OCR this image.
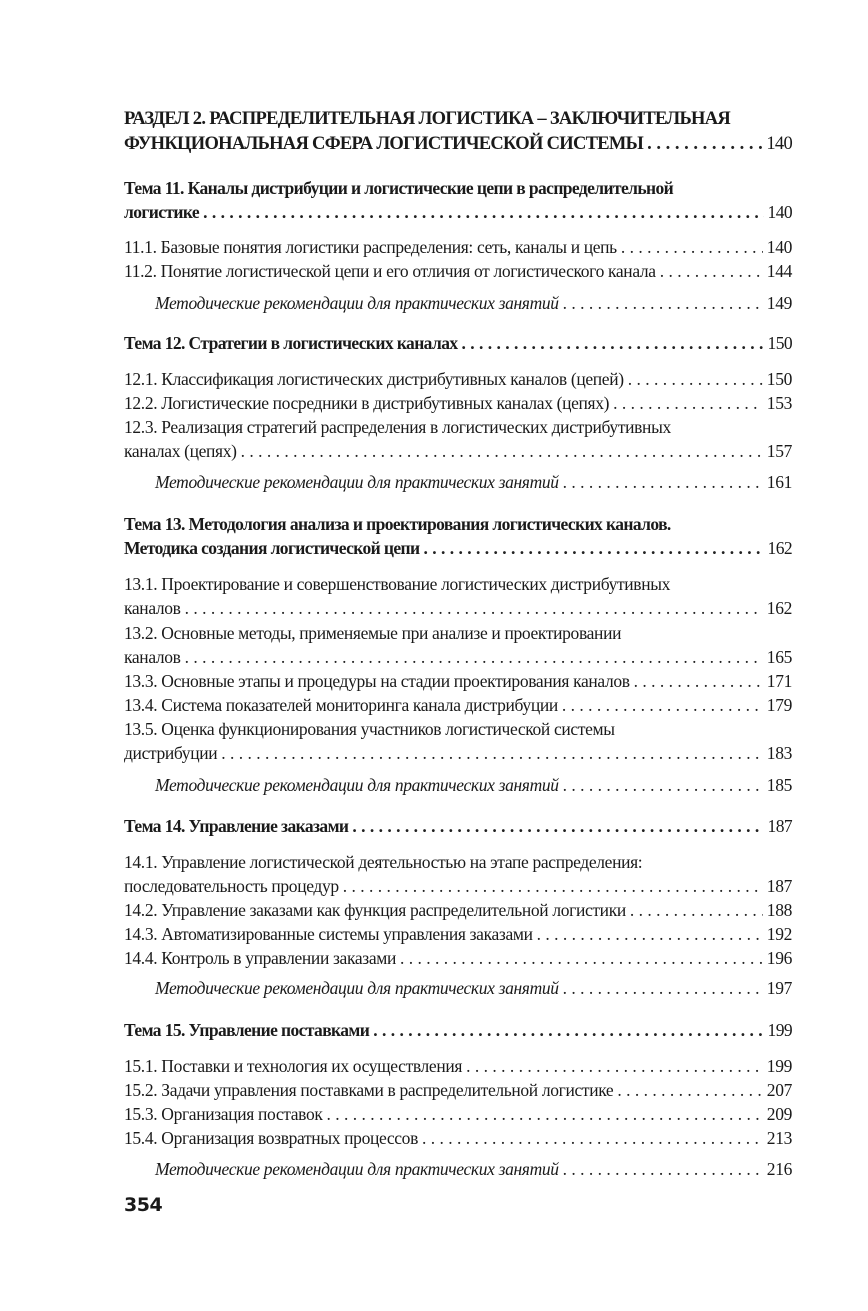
РАЗДЕЛ 2. РАСПРЕДЕЛИТЕЛЬНАЯ ЛОГИСТИКА – ЗАКЛЮЧИТЕЛЬНАЯ
ФУНКЦИОНАЛЬНАЯ СФЕРА ЛОГИСТИЧЕСКОЙ СИСТЕМЫ . . .	140
Тема 11. Каналы дистрибуции и логистические цепи в распределительной
логистике . . .	140
11.1. Базовые понятия логистики распределения: сеть, каналы и цепь . . .	140
11.2. Понятие логистической цепи и его отличия от логистического канала . . .	144
Методические рекомендации для практических занятий . . .	149
Тема 12. Стратегии в логистических каналах . . .	150
12.1. Классификация логистических дистрибутивных каналов (цепей) . . .	150
12.2. Логистические посредники в дистрибутивных каналах (цепях) . . .	153
12.3. Реализация стратегий распределения в логистических дистрибутивных
каналах (цепях) . . .	157
Методические рекомендации для практических занятий . . .	161
Тема 13. Методология анализа и проектирования логистических каналов.
Методика создания логистической цепи . . .	162
13.1. Проектирование и совершенствование логистических дистрибутивных
каналов . . .	162
13.2. Основные методы, применяемые при анализе и проектировании
каналов . . .	165
13.3. Основные этапы и процедуры на стадии проектирования каналов . . .	171
13.4. Система показателей мониторинга канала дистрибуции . . .	179
13.5. Оценка функционирования участников логистической системы
дистрибуции . . .	183
Методические рекомендации для практических занятий . . .	185
Тема 14. Управление заказами . . .	187
14.1. Управление логистической деятельностью на этапе распределения:
последовательность процедур . . .	187
14.2. Управление заказами как функция распределительной логистики . . .	188
14.3. Автоматизированные системы управления заказами . . .	192
14.4. Контроль в управлении заказами . . .	196
Методические рекомендации для практических занятий . . .	197
Тема 15. Управление поставками . . .	199
15.1. Поставки и технология их осуществления . . .	199
15.2. Задачи управления поставками в распределительной логистике . . .	207
15.3. Организация поставок . . .	209
15.4. Организация возвратных процессов . . .	213
Методические рекомендации для практических занятий . . .	216
354
